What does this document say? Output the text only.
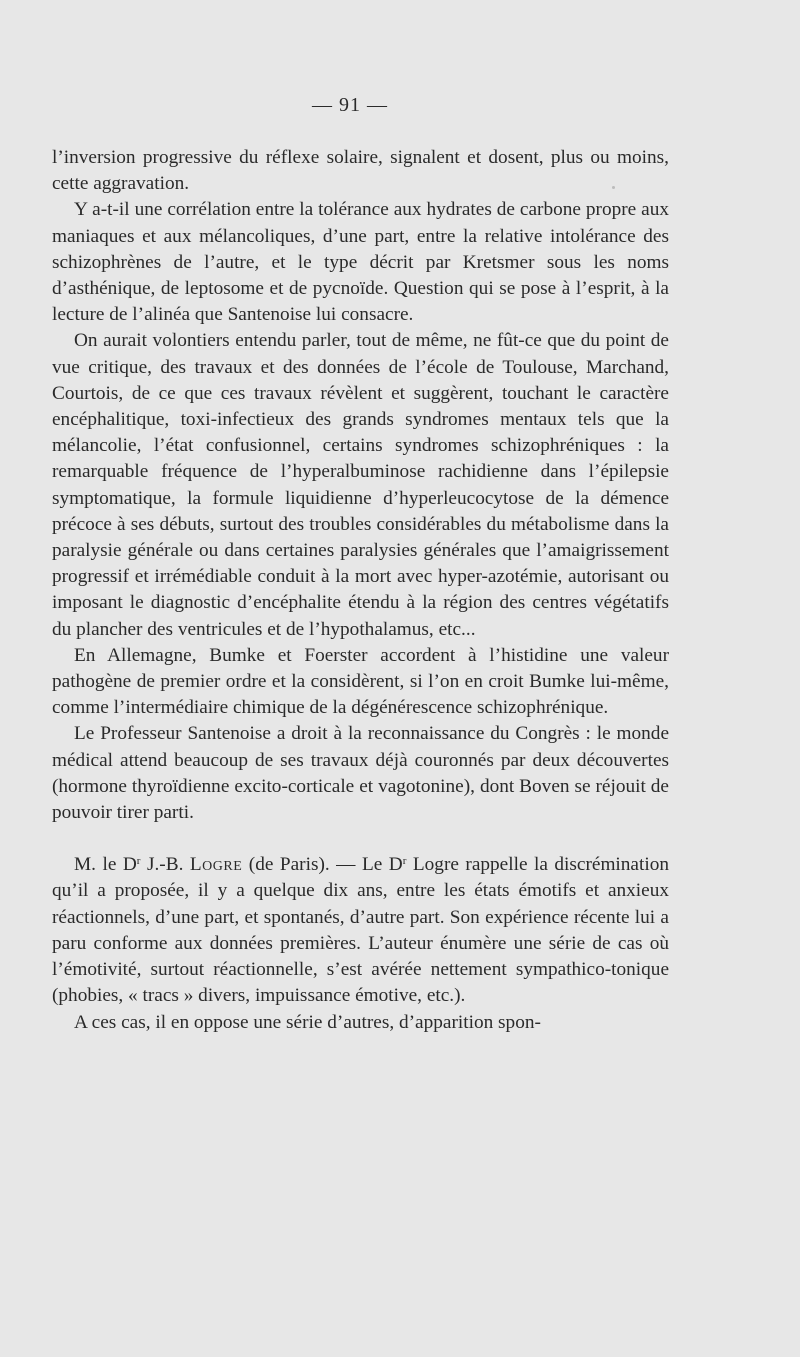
— 91 —

l’inversion progressive du réflexe solaire, signalent et dosent, plus ou moins, cette aggravation.

Y a-t-il une corrélation entre la tolérance aux hydrates de carbone propre aux maniaques et aux mélancoliques, d’une part, entre la relative intolérance des schizophrènes de l’autre, et le type décrit par Kretsmer sous les noms d’asthénique, de leptosome et de pycnoïde. Question qui se pose à l’esprit, à la lecture de l’alinéa que Santenoise lui consacre.

On aurait volontiers entendu parler, tout de même, ne fût-ce que du point de vue critique, des travaux et des données de l’école de Toulouse, Marchand, Courtois, de ce que ces travaux révèlent et suggèrent, touchant le caractère encéphalitique, toxi-infectieux des grands syndromes mentaux tels que la mélancolie, l’état confusionnel, certains syndromes schizophréniques : la remarquable fréquence de l’hyperalbuminose rachidienne dans l’épilepsie symptomatique, la formule liquidienne d’hyperleucocytose de la démence précoce à ses débuts, surtout des troubles considérables du métabolisme dans la paralysie générale ou dans certaines paralysies générales que l’amaigrissement progressif et irrémédiable conduit à la mort avec hyper-azotémie, autorisant ou imposant le diagnostic d’encéphalite étendu à la région des centres végétatifs du plancher des ventricules et de l’hypothalamus, etc...

En Allemagne, Bumke et Foerster accordent à l’histidine une valeur pathogène de premier ordre et la considèrent, si l’on en croit Bumke lui-même, comme l’intermédiaire chimique de la dégénérescence schizophrénique.

Le Professeur Santenoise a droit à la reconnaissance du Congrès : le monde médical attend beaucoup de ses travaux déjà couronnés par deux découvertes (hormone thyroïdienne excito-corticale et vagotonine), dont Boven se réjouit de pouvoir tirer parti.

M. le $D^r$ J.-B. Logre (de Paris). — Le $D^r$ Logre rappelle la discrémination qu’il a proposée, il y a quelque dix ans, entre les états émotifs et anxieux réactionnels, d’une part, et spontanés, d’autre part. Son expérience récente lui a paru conforme aux données premières. L’auteur énumère une série de cas où l’émotivité, surtout réactionnelle, s’est avérée nettement sympathico-tonique (phobies, « tracs » divers, impuissance émotive, etc.).

A ces cas, il en oppose une série d’autres, d’apparition spon-
